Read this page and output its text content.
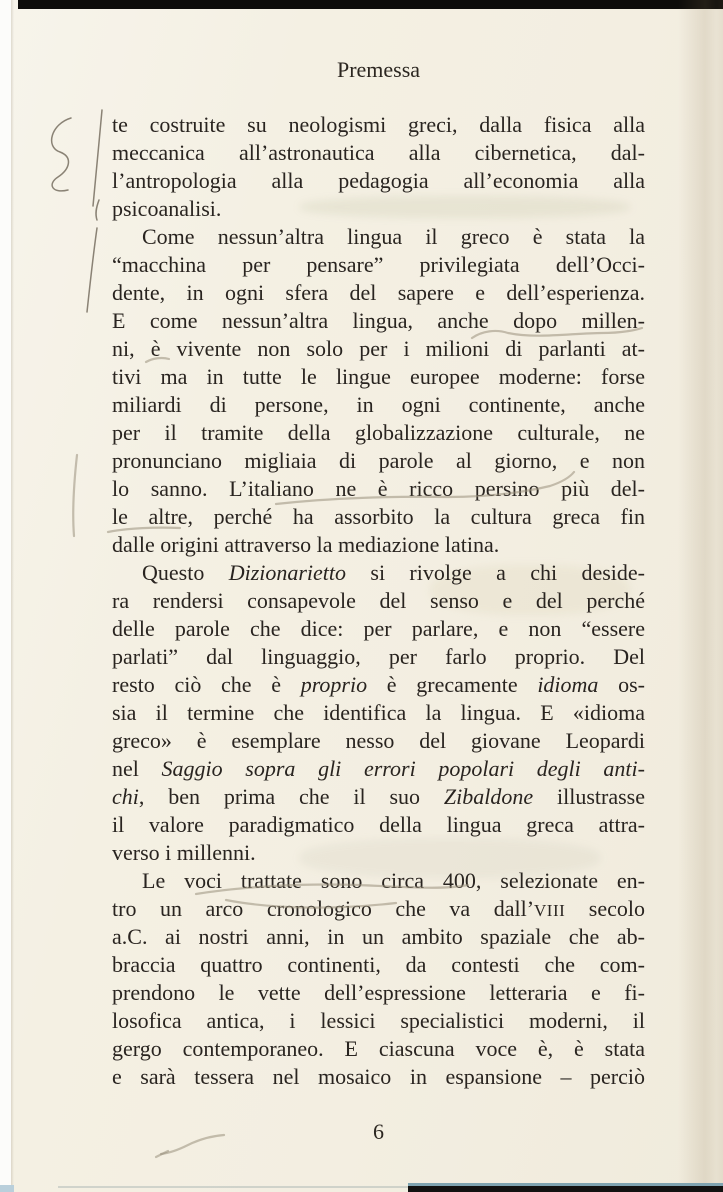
Premessa
te costruite su neologismi greci, dalla fisica alla
meccanica all’astronautica alla cibernetica, dal-
l’antropologia alla pedagogia all’economia alla
psicoanalisi.
Come nessun’altra lingua il greco è stata la
“macchina per pensare” privilegiata dell’Occi-
dente, in ogni sfera del sapere e dell’esperienza.
E come nessun’altra lingua, anche dopo millen-
ni, è vivente non solo per i milioni di parlanti at-
tivi ma in tutte le lingue europee moderne: forse
miliardi di persone, in ogni continente, anche
per il tramite della globalizzazione culturale, ne
pronunciano migliaia di parole al giorno, e non
lo sanno. L’italiano ne è ricco persino più del-
le altre, perché ha assorbito la cultura greca fin
dalle origini attraverso la mediazione latina.
Questo Dizionarietto si rivolge a chi deside-
ra rendersi consapevole del senso e del perché
delle parole che dice: per parlare, e non “essere
parlati” dal linguaggio, per farlo proprio. Del
resto ciò che è proprio è grecamente idioma os-
sia il termine che identifica la lingua. E «idioma
greco» è esemplare nesso del giovane Leopardi
nel Saggio sopra gli errori popolari degli anti-
chi, ben prima che il suo Zibaldone illustrasse
il valore paradigmatico della lingua greca attra-
verso i millenni.
Le voci trattate sono circa 400, selezionate en-
tro un arco cronologico che va dall’VIII secolo
a.C. ai nostri anni, in un ambito spaziale che ab-
braccia quattro continenti, da contesti che com-
prendono le vette dell’espressione letteraria e fi-
losofica antica, i lessici specialistici moderni, il
gergo contemporaneo. E ciascuna voce è, è stata
e sarà tessera nel mosaico in espansione – perciò
6
